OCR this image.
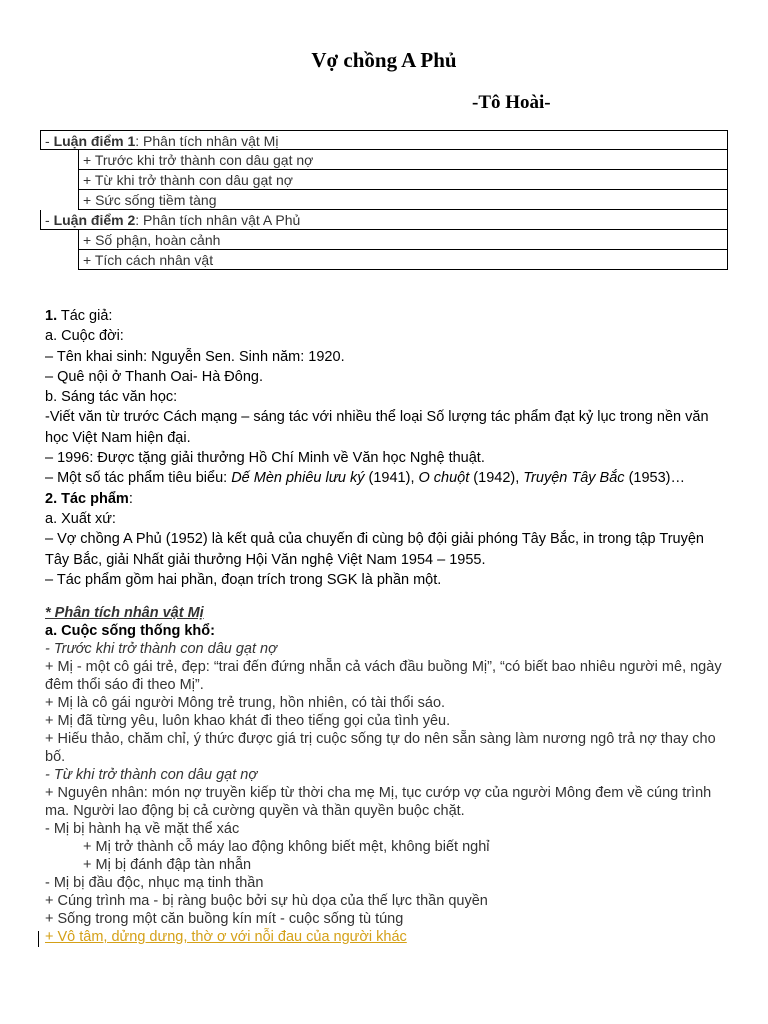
Vợ chồng A Phủ
-Tô Hoài-
- Luận điểm 1: Phân tích nhân vật Mị
+ Trước khi trở thành con dâu gạt nợ
+ Từ khi trở thành con dâu gạt nợ
+ Sức sống tiềm tàng
- Luận điểm 2: Phân tích nhân vật A Phủ
+ Số phận, hoàn cảnh
+ Tích cách nhân vật

1. Tác giả:

a. Cuộc đời:

– Tên khai sinh: Nguyễn Sen. Sinh năm: 1920.

– Quê nội ở Thanh Oai- Hà Đông.

b. Sáng tác văn học:

-Viết văn từ trước Cách mạng – sáng tác với nhiều thể loại Số lượng tác phẩm đạt kỷ lục trong nền văn học Việt Nam hiện đại.

– 1996: Được tặng giải thưởng Hồ Chí Minh về Văn học Nghệ thuật.

– Một số tác phẩm tiêu biểu: Dế Mèn phiêu lưu ký (1941), O chuột (1942), Truyện Tây Bắc (1953)…

2. Tác phẩm:

a. Xuất xứ:

– Vợ chồng A Phủ (1952) là kết quả của chuyến đi cùng bộ đội giải phóng Tây Bắc, in trong tập Truyện Tây Bắc, giải Nhất giải thưởng Hội Văn nghệ Việt Nam 1954 – 1955.

– Tác phẩm gồm hai phần, đoạn trích trong SGK là phần một.

* Phân tích nhân vật Mị

a. Cuộc sống thống khổ:

- Trước khi trở thành con dâu gạt nợ

+ Mị - một cô gái trẻ, đẹp: “trai đến đứng nhẵn cả vách đầu buồng Mị”, “có biết bao nhiêu người mê, ngày đêm thổi sáo đi theo Mị”.

+ Mị là cô gái người Mông trẻ trung, hồn nhiên, có tài thổi sáo.

+ Mị đã từng yêu, luôn khao khát đi theo tiếng gọi của tình yêu.

+ Hiếu thảo, chăm chỉ, ý thức được giá trị cuộc sống tự do nên sẵn sàng làm nương ngô trả nợ thay cho bố.

- Từ khi trở thành con dâu gạt nợ

+ Nguyên nhân: món nợ truyền kiếp từ thời cha mẹ Mị, tục cướp vợ của người Mông đem về cúng trình ma. Người lao động bị cả cường quyền và thần quyền buộc chặt.

- Mị bị hành hạ về mặt thể xác

+ Mị trở thành cỗ máy lao động không biết mệt, không biết nghỉ

+ Mị bị đánh đập tàn nhẫn

- Mị bị đầu độc, nhục mạ tinh thần

+ Cúng trình ma - bị ràng buộc bởi sự hù dọa của thế lực thần quyền

+ Sống trong một căn buồng kín mít - cuộc sống tù túng

+ Vô tâm, dửng dưng, thờ ơ với nỗi đau của người khác
